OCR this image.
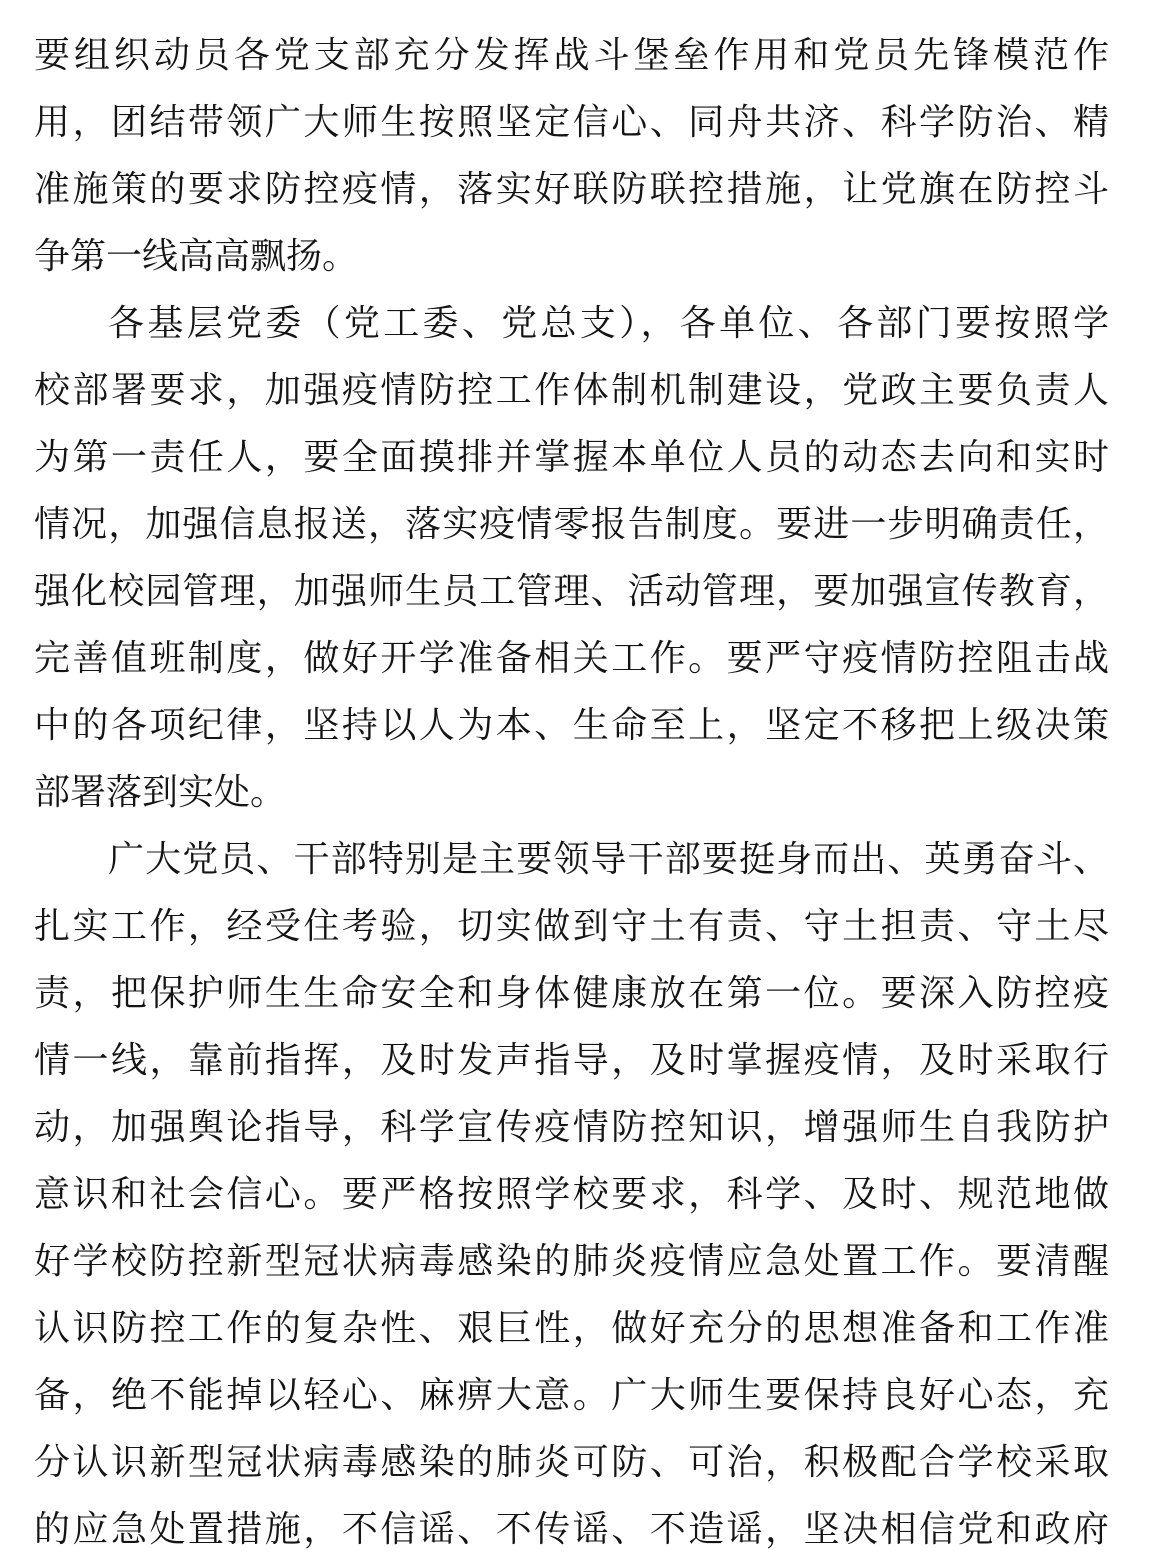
要组织动员各党支部充分发挥战斗堡垒作用和党员先锋模范作
用，团结带领广大师生按照坚定信心、同舟共济、科学防治、精
准施策的要求防控疫情，落实好联防联控措施，让党旗在防控斗
争第一线高高飘扬。
各基层党委（党工委、党总支），各单位、各部门要按照学
校部署要求，加强疫情防控工作体制机制建设，党政主要负责人
为第一责任人，要全面摸排并掌握本单位人员的动态去向和实时
情况，加强信息报送，落实疫情零报告制度。要进一步明确责任，
强化校园管理，加强师生员工管理、活动管理，要加强宣传教育，
完善值班制度，做好开学准备相关工作。要严守疫情防控阻击战
中的各项纪律，坚持以人为本、生命至上，坚定不移把上级决策
部署落到实处。
广大党员、干部特别是主要领导干部要挺身而出、英勇奋斗、
扎实工作，经受住考验，切实做到守土有责、守土担责、守土尽
责，把保护师生生命安全和身体健康放在第一位。要深入防控疫
情一线，靠前指挥，及时发声指导，及时掌握疫情，及时采取行
动，加强舆论指导，科学宣传疫情防控知识，增强师生自我防护
意识和社会信心。要严格按照学校要求，科学、及时、规范地做
好学校防控新型冠状病毒感染的肺炎疫情应急处置工作。要清醒
认识防控工作的复杂性、艰巨性，做好充分的思想准备和工作准
备，绝不能掉以轻心、麻痹大意。广大师生要保持良好心态，充
分认识新型冠状病毒感染的肺炎可防、可治，积极配合学校采取
的应急处置措施，不信谣、不传谣、不造谣，坚决相信党和政府
